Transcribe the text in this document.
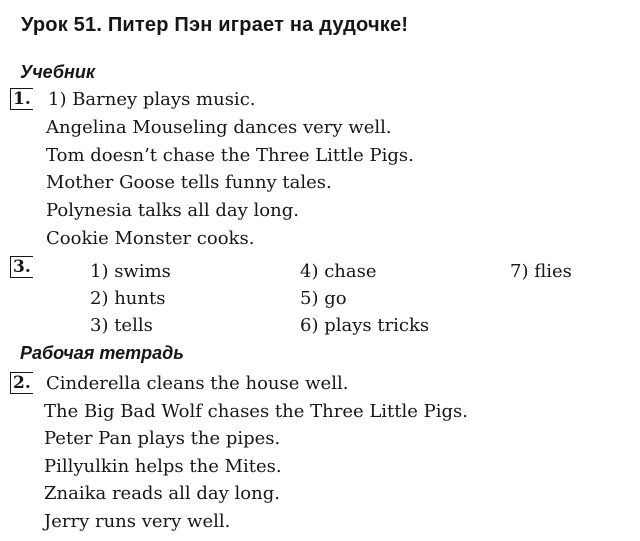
Урок 51. Питер Пэн играет на дудочке!
Учебник
1. 1) Barney plays music.
Angelina Mouseling dances very well.
Tom doesn’t chase the Three Little Pigs.
Mother Goose tells funny tales.
Polynesia talks all day long.
Cookie Monster cooks.
3.	1) swims
2) hunts
3) tells
4) chase
5) go
6) plays tricks
7) flies
Рабочая тетрадь
2. Cinderella cleans the house well.
The Big Bad Wolf chases the Three Little Pigs.
Peter Pan plays the pipes.
Pillyulkin helps the Mites.
Znaika reads all day long.
Jerry runs very well.
